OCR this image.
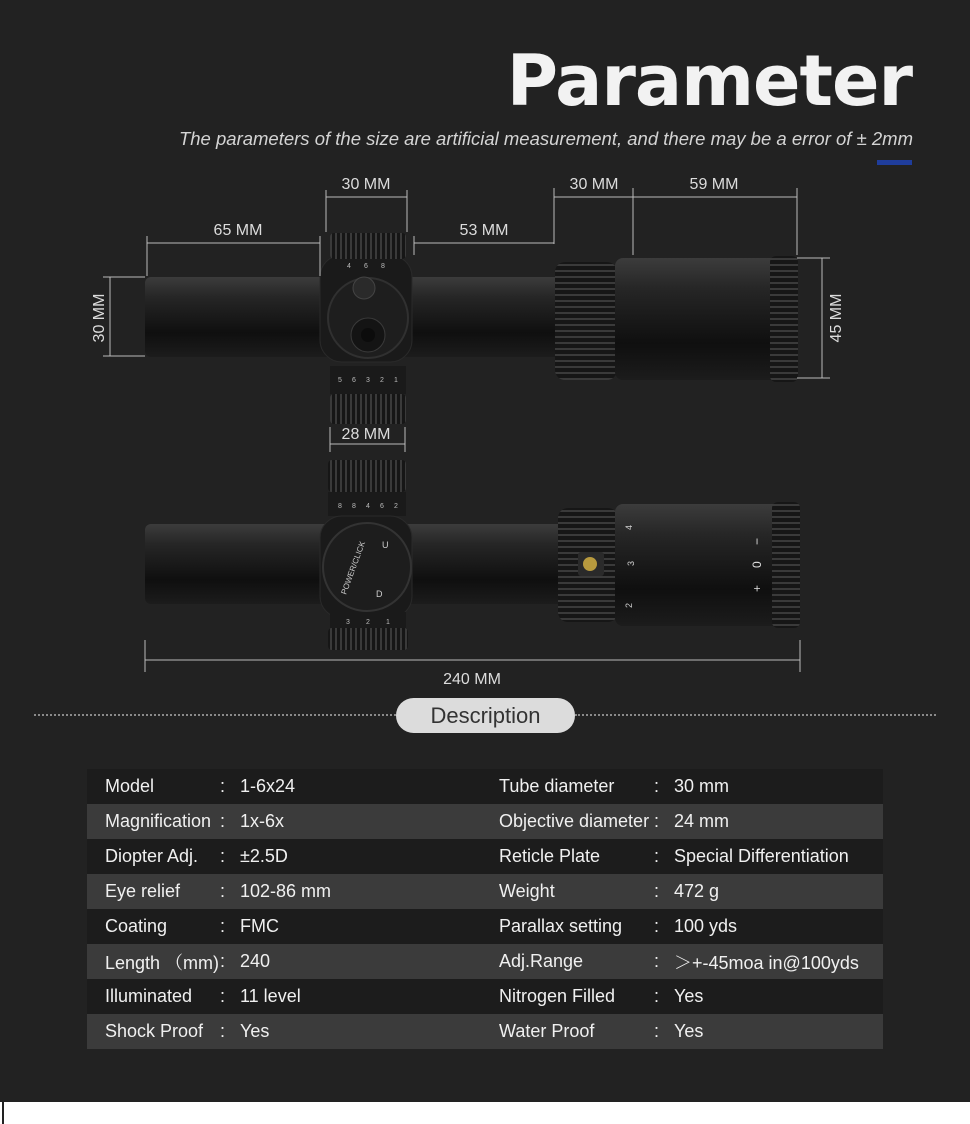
Parameter
The parameters of the size are artificial measurement, and there may be a error of ± 2mm
4 6 8
5 6 3 2 1
30 MM	30 MM	59 MM
65 MM	53 MM
30 MM	45 MM
28 MM
8 8 4 6 2
POWER/CLICK U
D
3 2 1
4
3
2
−
0
+
240 MM
Description
Model	:	1-6x24	Tube diameter	:	30 mm
Magnification	:	1x-6x	Objective diameter	:	24 mm
Diopter Adj.	:	±2.5D	Reticle Plate	:	Special Differentiation
Eye relief	:	102-86 mm	Weight	:	472 g
Coating	:	FMC	Parallax setting	:	100 yds
Length （mm)	:	240	Adj.Range	:	＞+-45moa in@100yds
Illuminated	:	11 level	Nitrogen Filled	:	Yes
Shock Proof	:	Yes	Water Proof	:	Yes
